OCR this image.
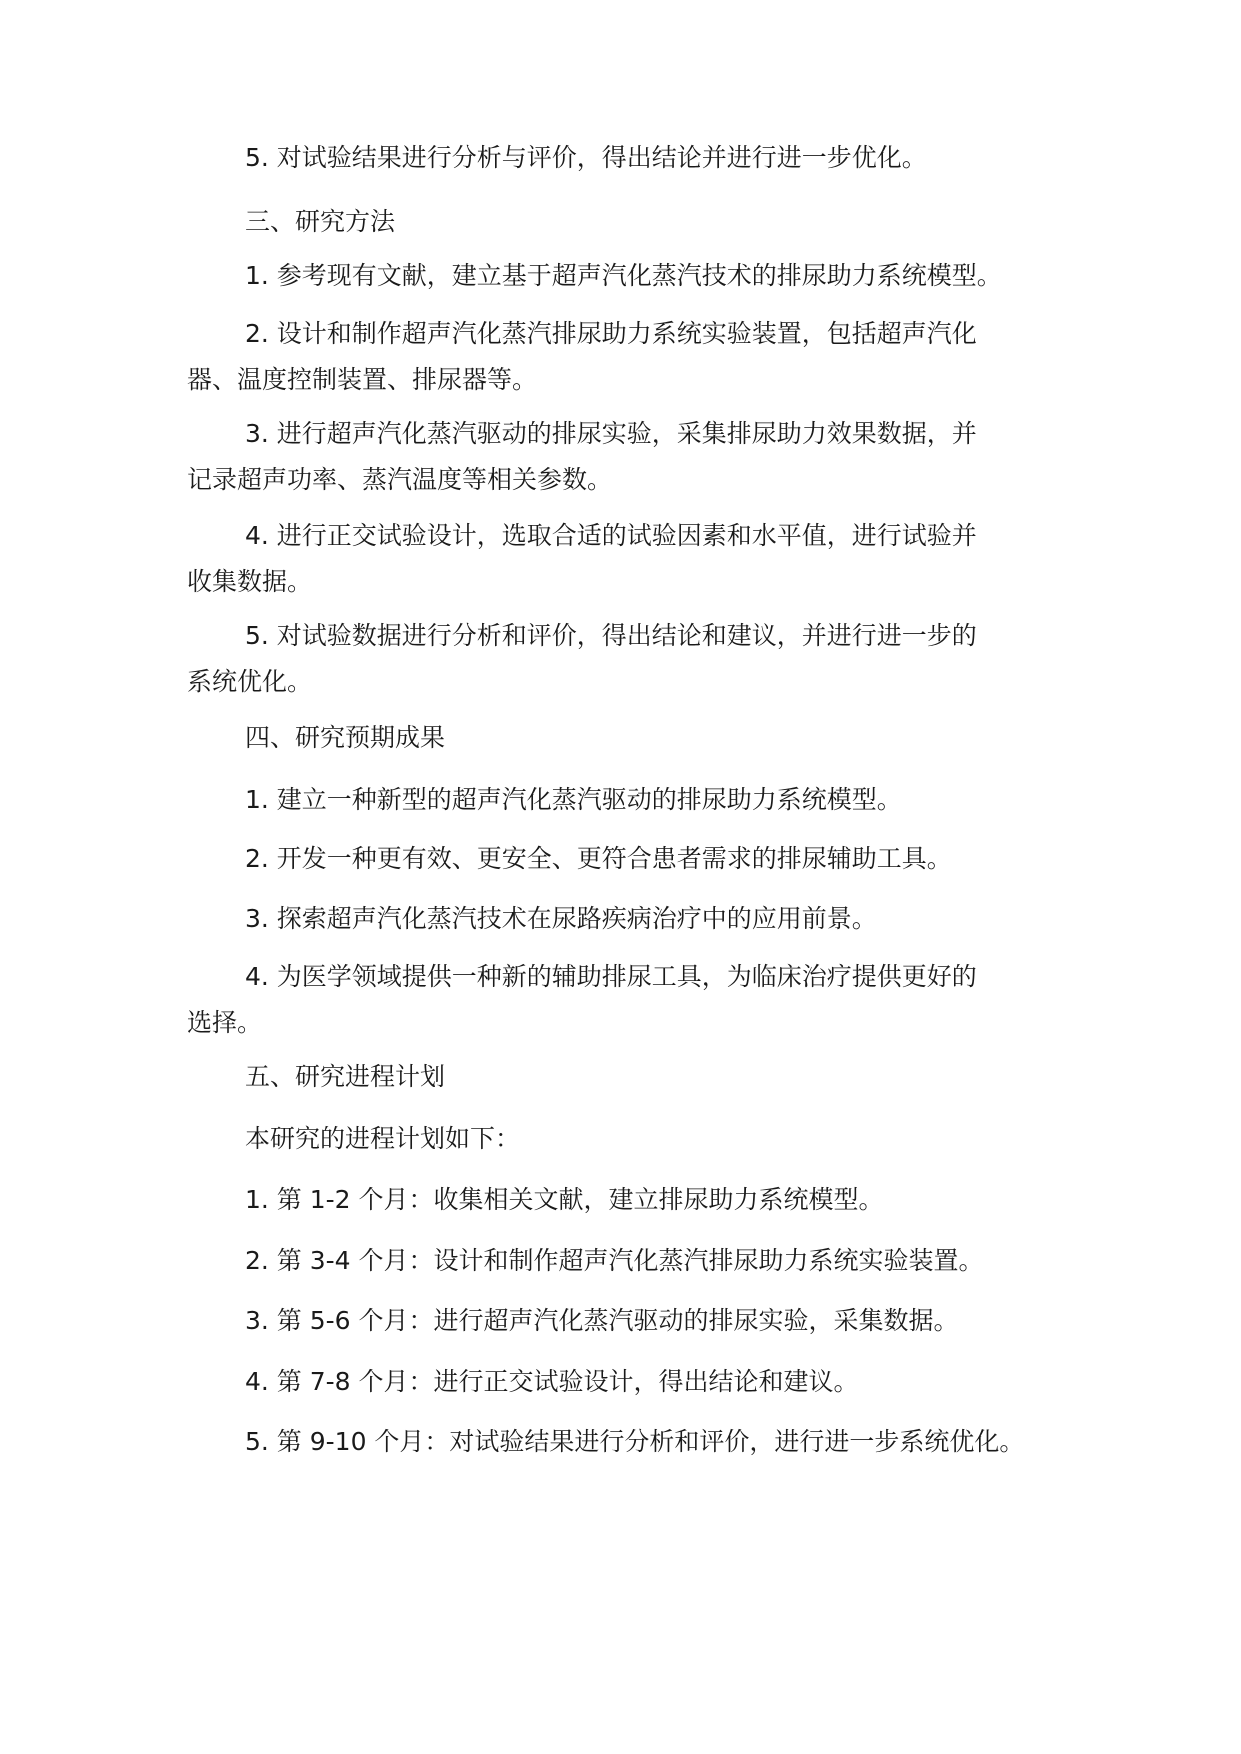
5. 对试验结果进行分析与评价，得出结论并进行进一步优化。

三、研究方法

1. 参考现有文献，建立基于超声汽化蒸汽技术的排尿助力系统模型。

2. 设计和制作超声汽化蒸汽排尿助力系统实验装置，包括超声汽化

器、温度控制装置、排尿器等。

3. 进行超声汽化蒸汽驱动的排尿实验，采集排尿助力效果数据，并

记录超声功率、蒸汽温度等相关参数。

4. 进行正交试验设计，选取合适的试验因素和水平值，进行试验并

收集数据。

5. 对试验数据进行分析和评价，得出结论和建议，并进行进一步的

系统优化。

四、研究预期成果

1. 建立一种新型的超声汽化蒸汽驱动的排尿助力系统模型。

2. 开发一种更有效、更安全、更符合患者需求的排尿辅助工具。

3. 探索超声汽化蒸汽技术在尿路疾病治疗中的应用前景。

4. 为医学领域提供一种新的辅助排尿工具，为临床治疗提供更好的

选择。

五、研究进程计划

本研究的进程计划如下：

1. 第 1-2 个月：收集相关文献，建立排尿助力系统模型。

2. 第 3-4 个月：设计和制作超声汽化蒸汽排尿助力系统实验装置。

3. 第 5-6 个月：进行超声汽化蒸汽驱动的排尿实验，采集数据。

4. 第 7-8 个月：进行正交试验设计，得出结论和建议。

5. 第 9-10 个月：对试验结果进行分析和评价，进行进一步系统优化。
